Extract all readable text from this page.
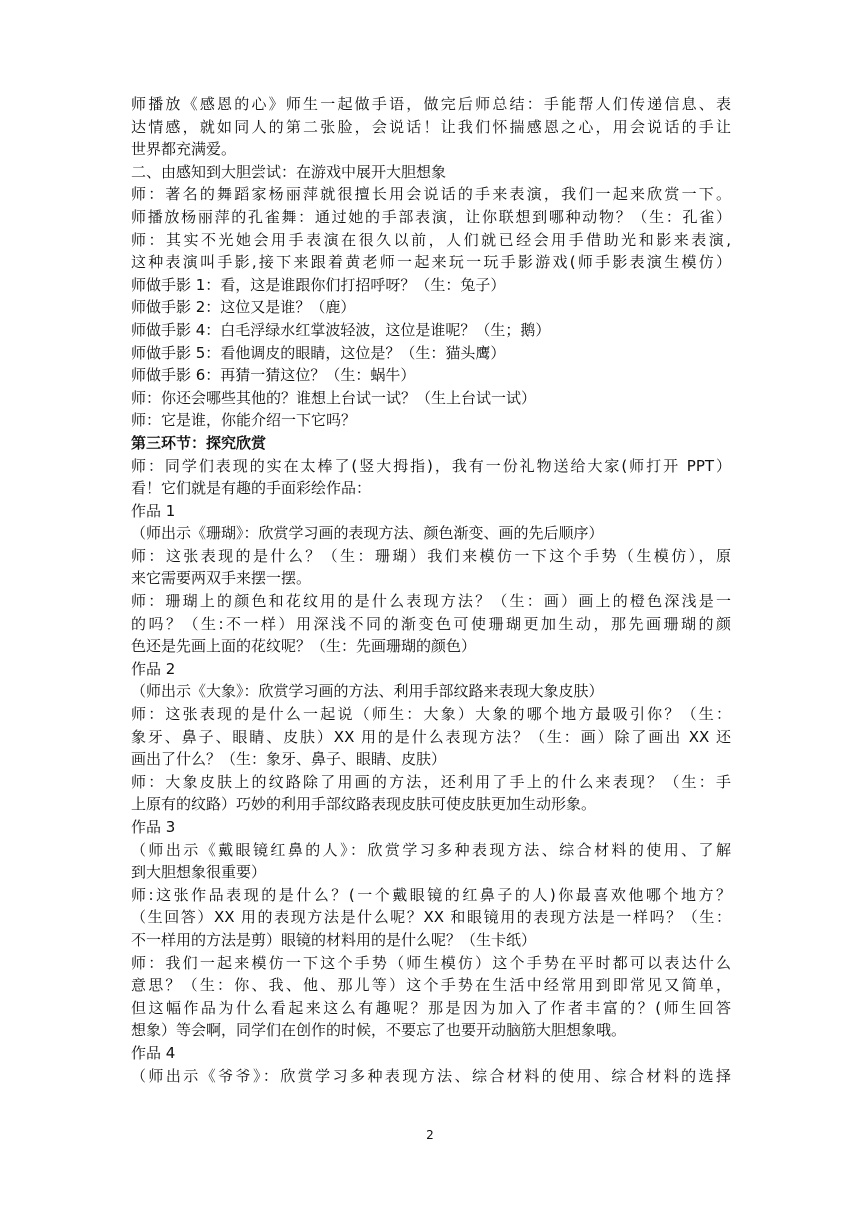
师播放《感恩的心》师生一起做手语，做完后师总结：手能帮人们传递信息、表
达情感，就如同人的第二张脸，会说话！让我们怀揣感恩之心，用会说话的手让
世界都充满爱。
二、由感知到大胆尝试：在游戏中展开大胆想象
师：著名的舞蹈家杨丽萍就很擅长用会说话的手来表演，我们一起来欣赏一下。
师播放杨丽萍的孔雀舞：通过她的手部表演，让你联想到哪种动物？（生：孔雀）
师：其实不光她会用手表演在很久以前，人们就已经会用手借助光和影来表演,
这种表演叫手影,接下来跟着黄老师一起来玩一玩手影游戏(师手影表演生模仿）
师做手影 1：看，这是谁跟你们打招呼呀？（生：兔子）
师做手影 2：这位又是谁？（鹿）
师做手影 4：白毛浮绿水红掌波轻波，这位是谁呢？（生；鹅）
师做手影 5：看他调皮的眼睛，这位是？（生：猫头鹰）
师做手影 6：再猜一猜这位？（生：蜗牛）
师：你还会哪些其他的？谁想上台试一试？（生上台试一试）
师：它是谁，你能介绍一下它吗？
第三环节：探究欣赏
师：同学们表现的实在太棒了(竖大拇指)，我有一份礼物送给大家(师打开 PPT）
看！它们就是有趣的手面彩绘作品：
作品 1
（师出示《珊瑚》：欣赏学习画的表现方法、颜色渐变、画的先后顺序）
师：这张表现的是什么？（生：珊瑚）我们来模仿一下这个手势（生模仿），原
来它需要两双手来摆一摆。
师：珊瑚上的颜色和花纹用的是什么表现方法？（生：画）画上的橙色深浅是一
的吗？（生:不一样）用深浅不同的渐变色可使珊瑚更加生动，那先画珊瑚的颜
色还是先画上面的花纹呢？（生：先画珊瑚的颜色）
作品 2
（师出示《大象》：欣赏学习画的方法、利用手部纹路来表现大象皮肤）
师：这张表现的是什么一起说（师生：大象）大象的哪个地方最吸引你？（生：
象牙、鼻子、眼睛、皮肤）XX 用的是什么表现方法？（生：画）除了画出 XX 还
画出了什么？（生：象牙、鼻子、眼睛、皮肤）
师：大象皮肤上的纹路除了用画的方法，还利用了手上的什么来表现？（生：手
上原有的纹路）巧妙的利用手部纹路表现皮肤可使皮肤更加生动形象。
作品 3
（师出示《戴眼镜红鼻的人》：欣赏学习多种表现方法、综合材料的使用、了解
到大胆想象很重要）
师:这张作品表现的是什么？(一个戴眼镜的红鼻子的人)你最喜欢他哪个地方？
（生回答）XX 用的表现方法是什么呢？XX 和眼镜用的表现方法是一样吗？（生：
不一样用的方法是剪）眼镜的材料用的是什么呢？（生卡纸）
师：我们一起来模仿一下这个手势（师生模仿）这个手势在平时都可以表达什么
意思？（生：你、我、他、那儿等）这个手势在生活中经常用到即常见又简单，
但这幅作品为什么看起来这么有趣呢？那是因为加入了作者丰富的？(师生回答
想象）等会啊，同学们在创作的时候，不要忘了也要开动脑筋大胆想象哦。
作品 4
（师出示《爷爷》：欣赏学习多种表现方法、综合材料的使用、综合材料的选择
2
